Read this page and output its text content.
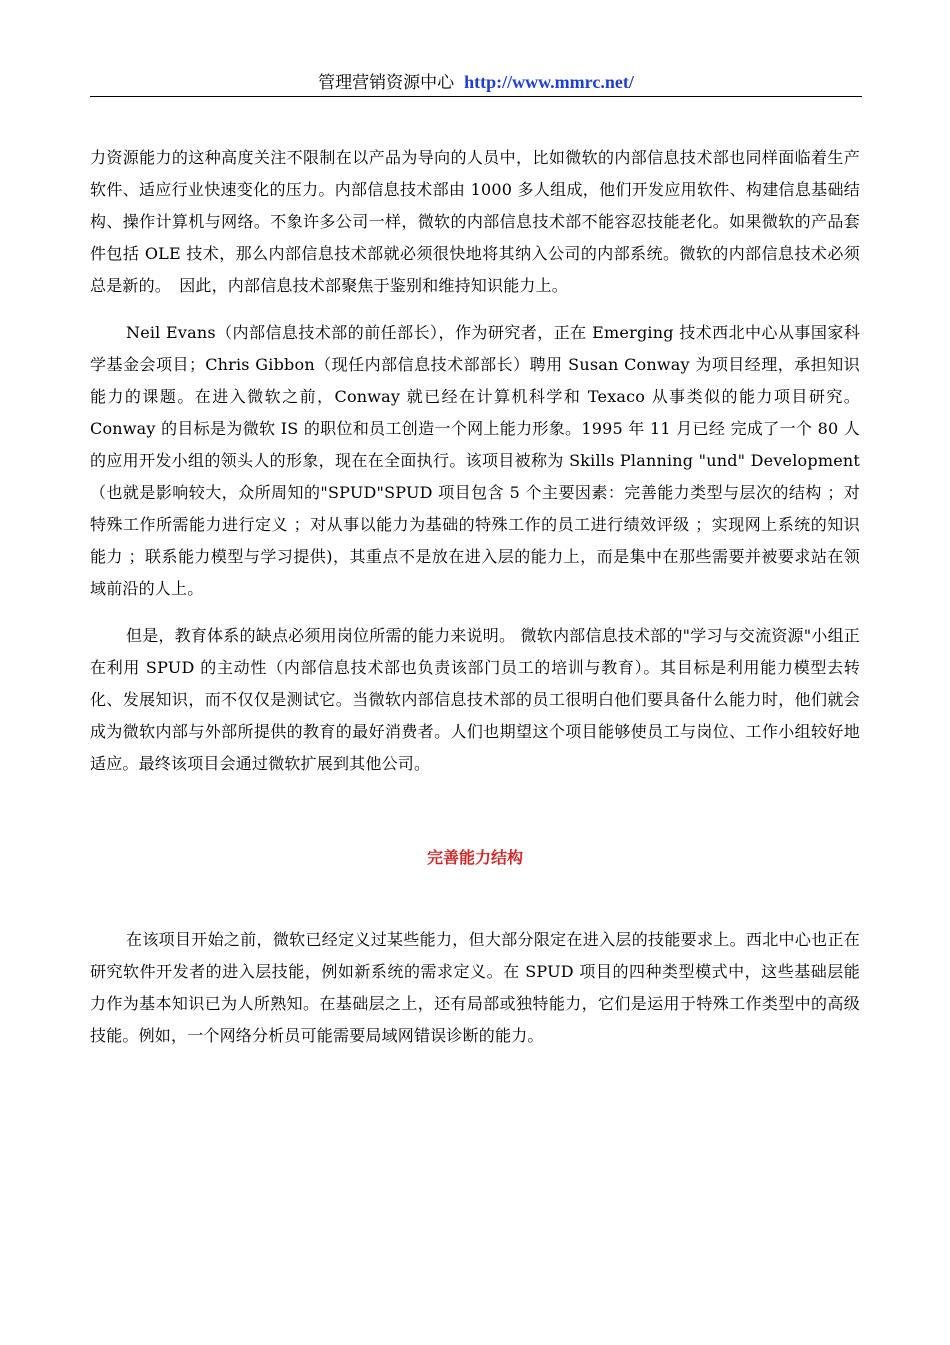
管理营销资源中心 http://www.mmrc.net/

力资源能力的这种高度关注不限制在以产品为导向的人员中，比如微软的内部信息技术部也同样面临着生产软件、适应行业快速变化的压力。内部信息技术部由 1000 多人组成，他们开发应用软件、构建信息基础结构、操作计算机与网络。不象许多公司一样，微软的内部信息技术部不能容忍技能老化。如果微软的产品套件包括 OLE 技术，那么内部信息技术部就必须很快地将其纳入公司的内部系统。微软的内部信息技术必须总是新的。　因此，内部信息技术部聚焦于鉴别和维持知识能力上。

Neil Evans（内部信息技术部的前任部长），作为研究者，正在 Emerging 技术西北中心从事国家科学基金会项目；Chris Gibbon（现任内部信息技术部部长）聘用 Susan Conway 为项目经理，承担知识能力的课题。在进入微软之前，Conway 就已经在计算机科学和 Texaco 从事类似的能力项目研究。Conway 的目标是为微软 IS 的职位和员工创造一个网上能力形象。1995 年 11 月已经 完成了一个 80 人的应用开发小组的领头人的形象，现在在全面执行。该项目被称为 Skills Planning "und" Development （也就是影响较大，众所周知的"SPUD"SPUD 项目包含 5 个主要因素：完善能力类型与层次的结构 ；对特殊工作所需能力进行定义 ；对从事以能力为基础的特殊工作的员工进行绩效评级 ；实现网上系统的知识能力 ；联系能力模型与学习提供)，其重点不是放在进入层的能力上，而是集中在那些需要并被要求站在领域前沿的人上。

但是，教育体系的缺点必须用岗位所需的能力来说明。 微软内部信息技术部的"学习与交流资源"小组正在利用 SPUD 的主动性（内部信息技术部也负责该部门员工的培训与教育）。其目标是利用能力模型去转化、发展知识，而不仅仅是测试它。当微软内部信息技术部的员工很明白他们要具备什么能力时，他们就会成为微软内部与外部所提供的教育的最好消费者。人们也期望这个项目能够使员工与岗位、工作小组较好地适应。最终该项目会通过微软扩展到其他公司。

完善能力结构

在该项目开始之前，微软已经定义过某些能力，但大部分限定在进入层的技能要求上。西北中心也正在研究软件开发者的进入层技能，例如新系统的需求定义。在 SPUD 项目的四种类型模式中，这些基础层能力作为基本知识已为人所熟知。在基础层之上，还有局部或独特能力，它们是运用于特殊工作类型中的高级技能。例如，一个网络分析员可能需要局域网错误诊断的能力。
